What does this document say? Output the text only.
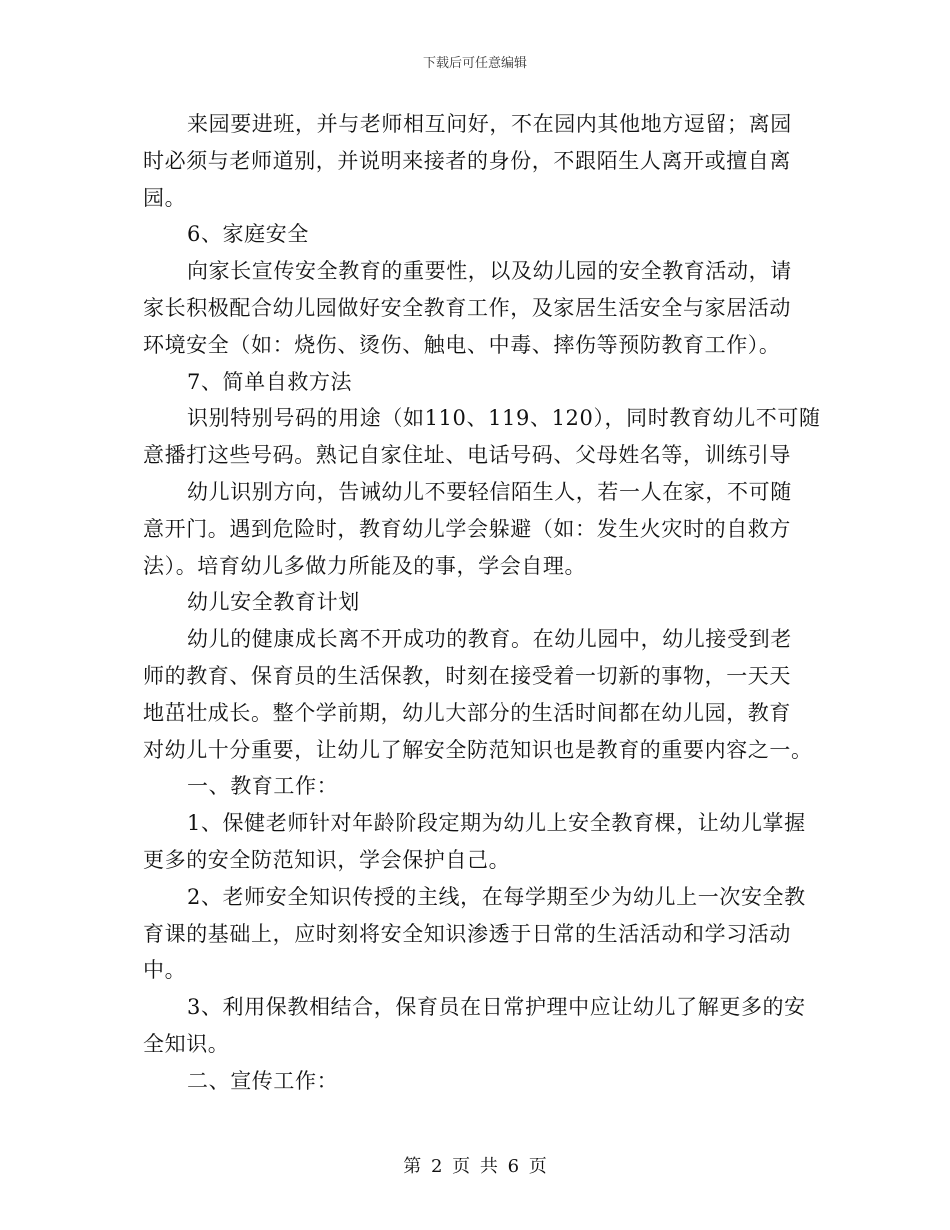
下载后可任意编辑
来园要进班，并与老师相互问好，不在园内其他地方逗留；离园
时必须与老师道别，并说明来接者的身份，不跟陌生人离开或擅自离
园。
6、家庭安全
向家长宣传安全教育的重要性，以及幼儿园的安全教育活动，请
家长积极配合幼儿园做好安全教育工作，及家居生活安全与家居活动
环境安全（如：烧伤、烫伤、触电、中毒、摔伤等预防教育工作）。
7、简单自救方法
识别特别号码的用途（如110、119、120），同时教育幼儿不可随
意播打这些号码。熟记自家住址、电话号码、父母姓名等，训练引导
幼儿识别方向，告诫幼儿不要轻信陌生人，若一人在家，不可随
意开门。遇到危险时，教育幼儿学会躲避（如：发生火灾时的自救方
法）。培育幼儿多做力所能及的事，学会自理。
幼儿安全教育计划
幼儿的健康成长离不开成功的教育。在幼儿园中，幼儿接受到老
师的教育、保育员的生活保教，时刻在接受着一切新的事物，一天天
地茁壮成长。整个学前期，幼儿大部分的生活时间都在幼儿园，教育
对幼儿十分重要，让幼儿了解安全防范知识也是教育的重要内容之一。
一、教育工作：
1、保健老师针对年龄阶段定期为幼儿上安全教育棵，让幼儿掌握
更多的安全防范知识，学会保护自己。
2、老师安全知识传授的主线，在每学期至少为幼儿上一次安全教
育课的基础上，应时刻将安全知识渗透于日常的生活活动和学习活动
中。
3、利用保教相结合，保育员在日常护理中应让幼儿了解更多的安
全知识。
二、宣传工作：
第 2 页 共 6 页
